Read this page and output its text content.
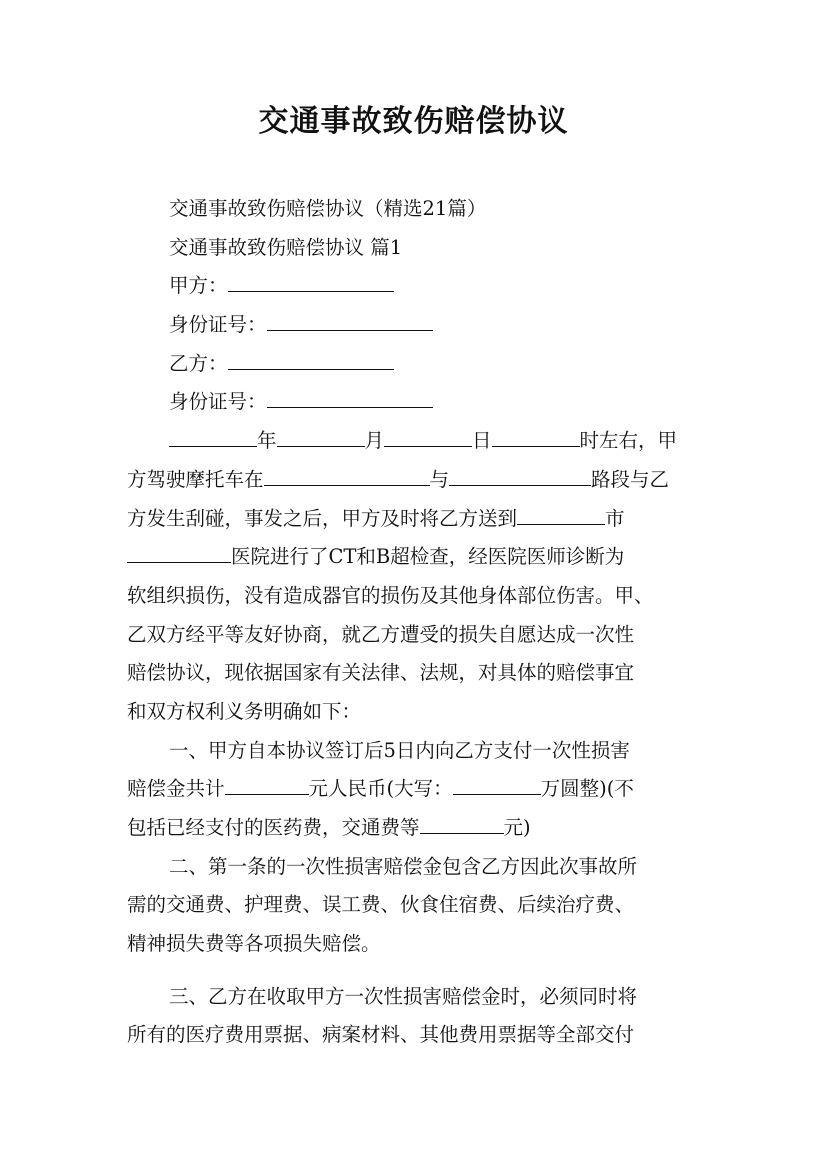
交通事故致伤赔偿协议
交通事故致伤赔偿协议（精选21篇）
交通事故致伤赔偿协议 篇1
甲方：
身份证号：
乙方：
身份证号：
年	月	日	时左右，甲
方驾驶摩托车在	与	路段与乙
方发生刮碰，事发之后，甲方及时将乙方送到	市
医院进行了CT和B超检查，经医院医师诊断为
软组织损伤，没有造成器官的损伤及其他身体部位伤害。甲、
乙双方经平等友好协商，就乙方遭受的损失自愿达成一次性
赔偿协议，现依据国家有关法律、法规，对具体的赔偿事宜
和双方权利义务明确如下：
一、甲方自本协议签订后5日内向乙方支付一次性损害
赔偿金共计	元人民币(大写：	万圆整)(不
包括已经支付的医药费，交通费等	元)
二、第一条的一次性损害赔偿金包含乙方因此次事故所
需的交通费、护理费、误工费、伙食住宿费、后续治疗费、
精神损失费等各项损失赔偿。
三、乙方在收取甲方一次性损害赔偿金时，必须同时将
所有的医疗费用票据、病案材料、其他费用票据等全部交付
